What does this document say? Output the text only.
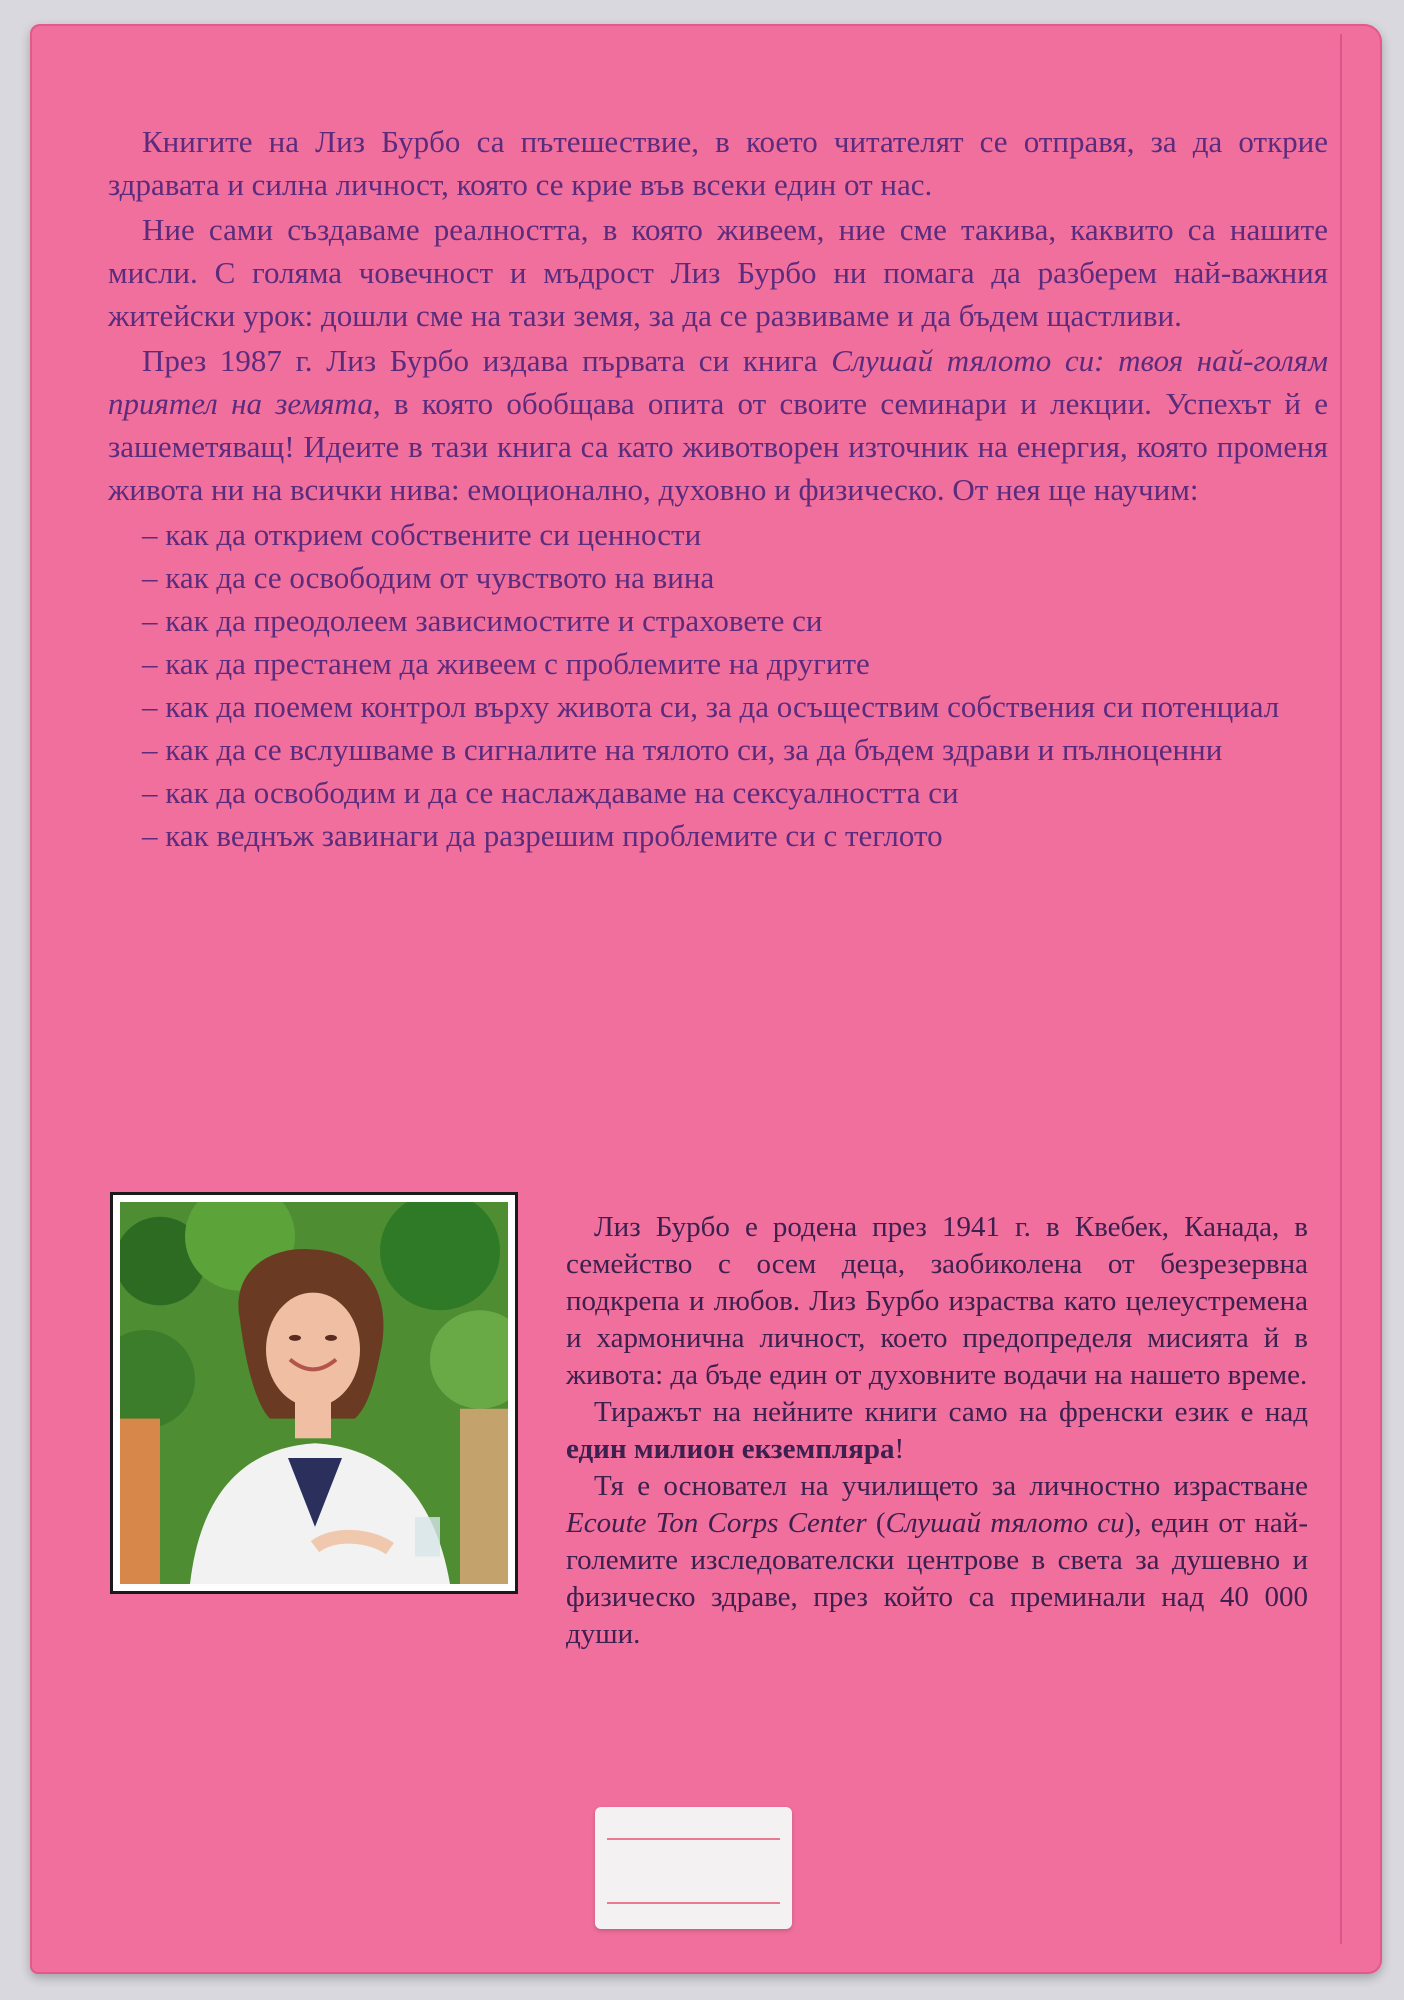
Книгите на Лиз Бурбо са пътешествие, в което читателят се отправя, за да открие здравата и силна личност, която се крие във всеки един от нас.

Ние сами създаваме реалността, в която живеем, ние сме такива, каквито са нашите мисли. С голяма човечност и мъдрост Лиз Бурбо ни помага да разберем най-важния житейски урок: дошли сме на тази земя, за да се развиваме и да бъдем щастливи.

През 1987 г. Лиз Бурбо издава първата си книга Слушай тялото си: твоя най-голям приятел на земята, в която обобщава опита от своите семинари и лекции. Успехът й е зашеметяващ! Идеите в тази книга са като животворен източник на енергия, която променя живота ни на всички нива: емоционално, духовно и физическо. От нея ще научим:

– как да открием собствените си ценности
– как да се освободим от чувството на вина
– как да преодолеем зависимостите и страховете си
– как да престанем да живеем с проблемите на другите
– как да поемем контрол върху живота си, за да осъществим собствения си потенциал
– как да се вслушваме в сигналите на тялото си, за да бъдем здрави и пълноценни
– как да освободим и да се наслаждаваме на сексуалността си
– как веднъж завинаги да разрешим проблемите си с теглото

Лиз Бурбо е родена през 1941 г. в Квебек, Канада, в семейство с осем деца, заобиколена от безрезервна подкрепа и любов. Лиз Бурбо израства като целеустремена и хармонична личност, което предопределя мисията й в живота: да бъде един от духовните водачи на нашето време.

Тиражът на нейните книги само на френски език е над един милион екземпляра!

Тя е основател на училището за личностно израстване Ecoute Ton Corps Center (Слушай тялото си), един от най-големите изследователски центрове в света за душевно и физическо здраве, през който са преминали над 40 000 души.
